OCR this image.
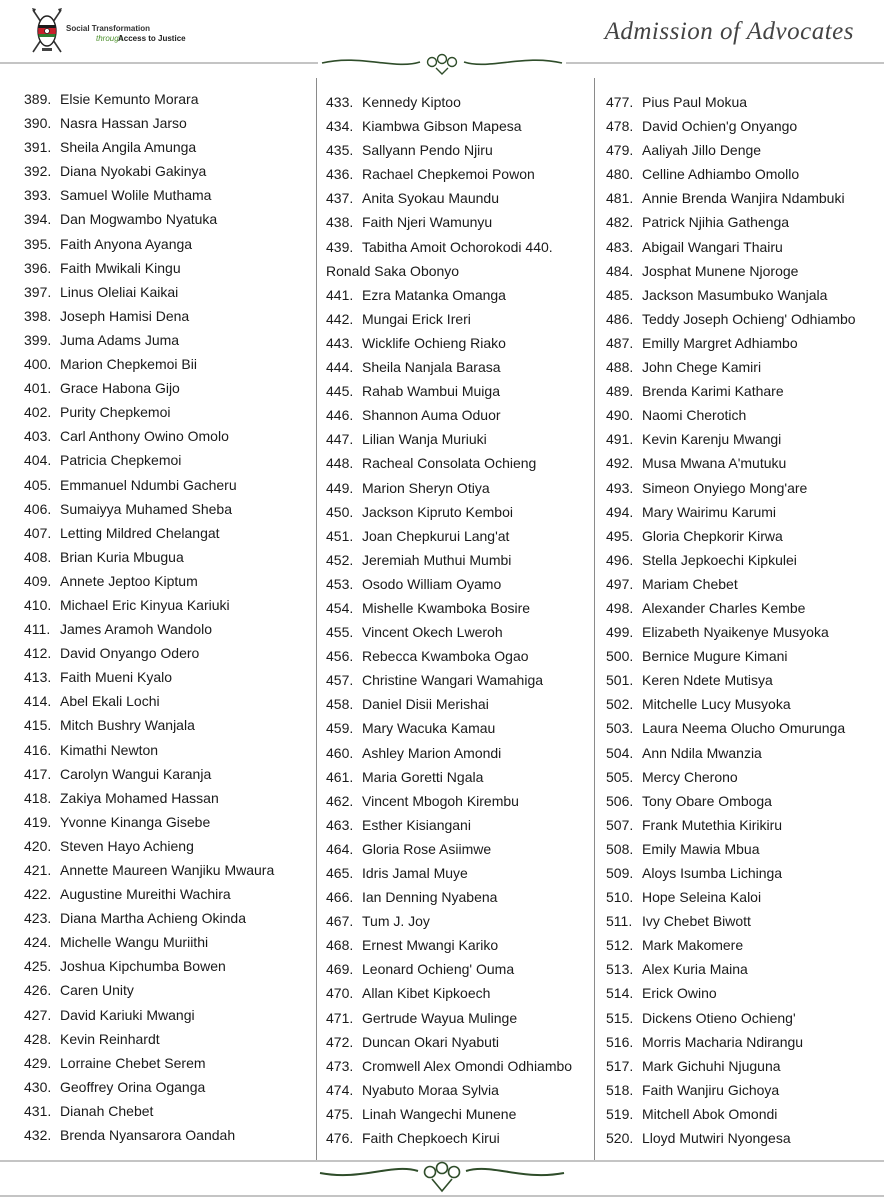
Social Transformation
through
Access to Justice	Admission of Advocates
389. Elsie Kemunto Morara
390. Nasra Hassan Jarso
391. Sheila Angila Amunga
392. Diana Nyokabi Gakinya
393. Samuel Wolile Muthama
394. Dan Mogwambo Nyatuka
395. Faith Anyona Ayanga
396. Faith Mwikali Kingu
397. Linus Oleliai Kaikai
398. Joseph Hamisi Dena
399. Juma Adams Juma
400. Marion Chepkemoi Bii
401. Grace Habona Gijo
402. Purity Chepkemoi
403. Carl Anthony Owino Omolo
404. Patricia Chepkemoi
405. Emmanuel Ndumbi Gacheru
406. Sumaiyya Muhamed Sheba
407. Letting Mildred Chelangat
408. Brian Kuria Mbugua
409. Annete Jeptoo Kiptum
410. Michael Eric Kinyua Kariuki
411. James Aramoh Wandolo
412. David Onyango Odero
413. Faith Mueni Kyalo
414. Abel Ekali Lochi
415. Mitch Bushry Wanjala
416. Kimathi Newton
417. Carolyn Wangui Karanja
418. Zakiya Mohamed Hassan
419. Yvonne Kinanga Gisebe
420. Steven Hayo Achieng
421. Annette Maureen Wanjiku Mwaura
422. Augustine Mureithi Wachira
423. Diana Martha Achieng Okinda
424. Michelle Wangu Muriithi
425. Joshua Kipchumba Bowen
426. Caren Unity
427. David Kariuki Mwangi
428. Kevin Reinhardt
429. Lorraine Chebet Serem
430. Geoffrey Orina Oganga
431. Dianah Chebet
432. Brenda Nyansarora Oandah
433. Kennedy Kiptoo
434. Kiambwa Gibson Mapesa
435. Sallyann Pendo Njiru
436. Rachael Chepkemoi Powon
437. Anita Syokau Maundu
438. Faith Njeri Wamunyu
439. Tabitha Amoit Ochorokodi 440.
Ronald Saka Obonyo
441. Ezra Matanka Omanga
442. Mungai Erick Ireri
443. Wicklife Ochieng Riako
444. Sheila Nanjala Barasa
445. Rahab Wambui Muiga
446. Shannon Auma Oduor
447. Lilian Wanja Muriuki
448. Racheal Consolata Ochieng
449. Marion Sheryn Otiya
450. Jackson Kipruto Kemboi
451. Joan Chepkurui Lang'at
452. Jeremiah Muthui Mumbi
453. Osodo William Oyamo
454. Mishelle Kwamboka Bosire
455. Vincent Okech Lweroh
456. Rebecca Kwamboka Ogao
457. Christine Wangari Wamahiga
458. Daniel Disii Merishai
459. Mary Wacuka Kamau
460. Ashley Marion Amondi
461. Maria Goretti Ngala
462. Vincent Mbogoh Kirembu
463. Esther Kisiangani
464. Gloria Rose Asiimwe
465. Idris Jamal Muye
466. Ian Denning Nyabena
467. Tum J. Joy
468. Ernest Mwangi Kariko
469. Leonard Ochieng' Ouma
470. Allan Kibet Kipkoech
471. Gertrude Wayua Mulinge
472. Duncan Okari Nyabuti
473. Cromwell Alex Omondi Odhiambo
474. Nyabuto Moraa Sylvia
475. Linah Wangechi Munene
476. Faith Chepkoech Kirui
477. Pius Paul Mokua
478. David Ochien'g Onyango
479. Aaliyah Jillo Denge
480. Celline Adhiambo Omollo
481. Annie Brenda Wanjira Ndambuki
482. Patrick Njihia Gathenga
483. Abigail Wangari Thairu
484. Josphat Munene Njoroge
485. Jackson Masumbuko Wanjala
486. Teddy Joseph Ochieng' Odhiambo
487. Emilly Margret Adhiambo
488. John Chege Kamiri
489. Brenda Karimi Kathare
490. Naomi Cherotich
491. Kevin Karenju Mwangi
492. Musa Mwana A'mutuku
493. Simeon Onyiego Mong'are
494. Mary Wairimu Karumi
495. Gloria Chepkorir Kirwa
496. Stella Jepkoechi Kipkulei
497. Mariam Chebet
498. Alexander Charles Kembe
499. Elizabeth Nyaikenye Musyoka
500. Bernice Mugure Kimani
501. Keren Ndete Mutisya
502. Mitchelle Lucy Musyoka
503. Laura Neema Olucho Omurunga
504. Ann Ndila Mwanzia
505. Mercy Cherono
506. Tony Obare Omboga
507. Frank Mutethia Kirikiru
508. Emily Mawia Mbua
509. Aloys Isumba Lichinga
510. Hope Seleina Kaloi
511. Ivy Chebet Biwott
512. Mark Makomere
513. Alex Kuria Maina
514. Erick Owino
515. Dickens Otieno Ochieng'
516. Morris Macharia Ndirangu
517. Mark Gichuhi Njuguna
518. Faith Wanjiru Gichoya
519. Mitchell Abok Omondi
520. Lloyd Mutwiri Nyongesa
